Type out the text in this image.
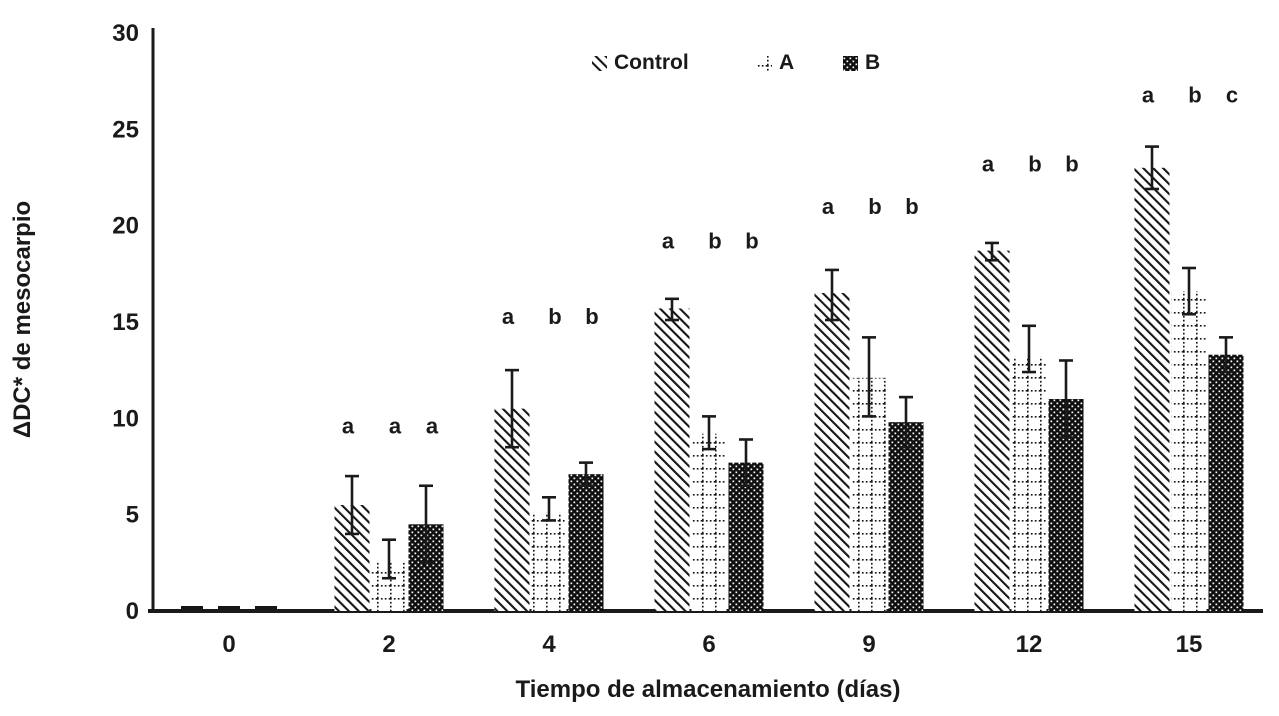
0
5
10
15
20
25
30
Tiempo de almacenamiento (días)
ΔDC* de mesocarpio
0	2
a a a
4
a b b
6
a b b
9
a b b
12
a b b
15
a b c
Control	A	B
